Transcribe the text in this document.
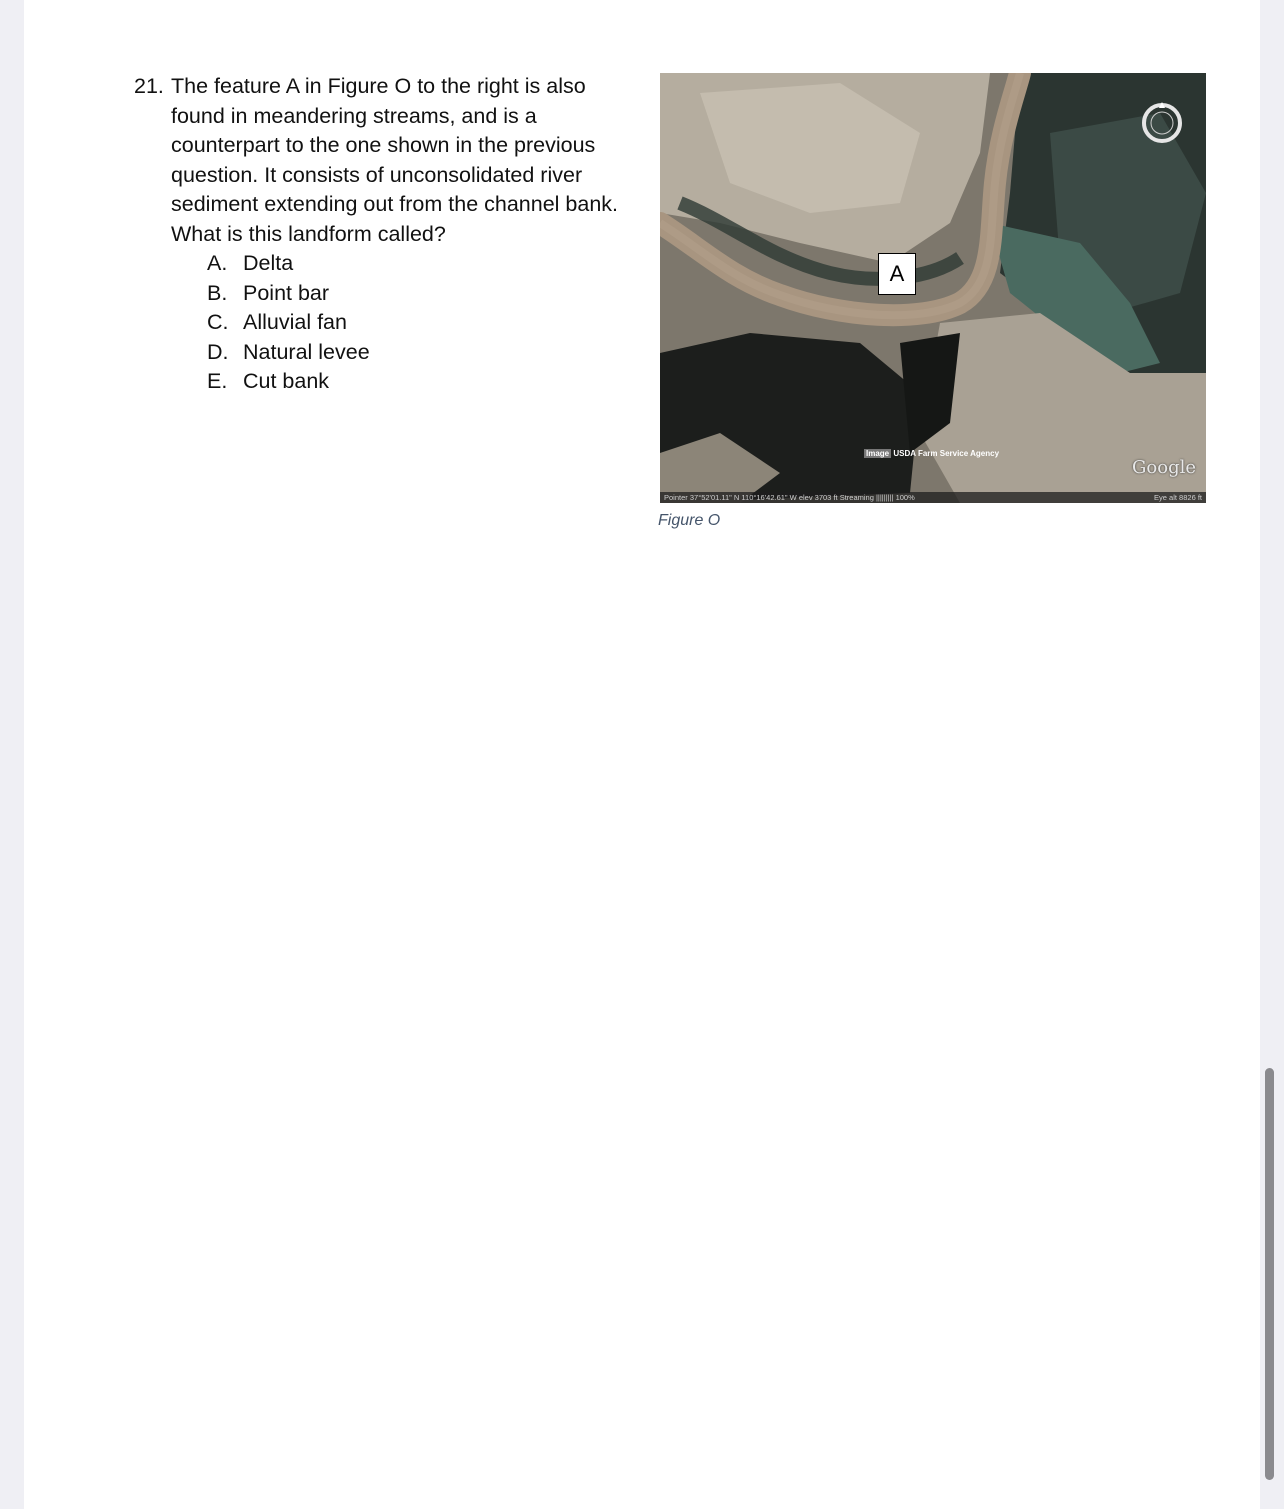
21. The feature A in Figure O to the right is also
found in meandering streams, and is a
counterpart to the one shown in the previous
question. It consists of unconsolidated river
sediment extending out from the channel bank.
What is this landform called?
A. Delta
B. Point bar
C. Alluvial fan
D. Natural levee
E. Cut bank
A
Image USDA Farm Service Agency
Google
Pointer 37°52'01.11" N 110°16'42.61" W elev 3703 ft Streaming ||||||||| 100%	Eye alt 8826 ft
Figure O
